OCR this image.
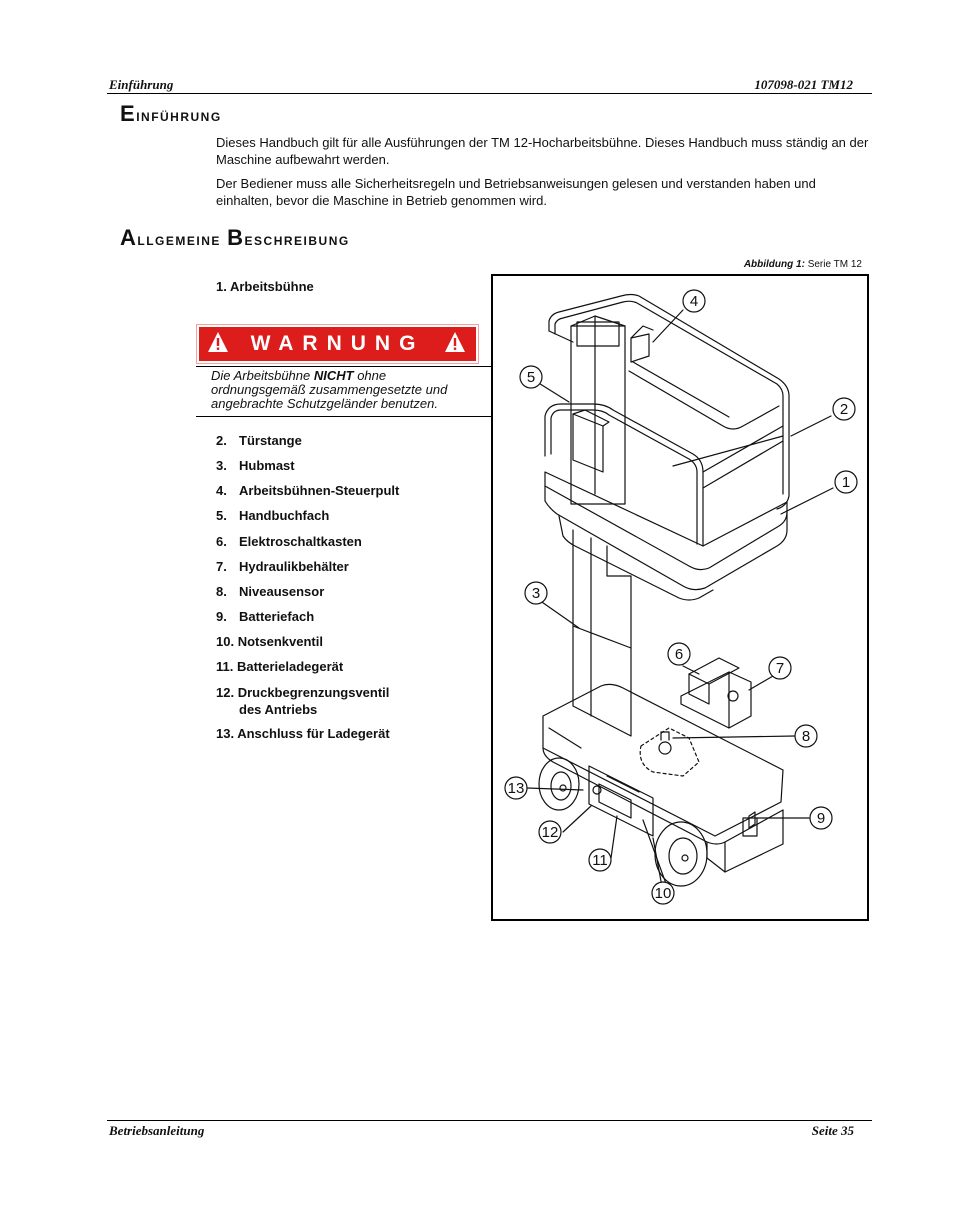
Einführung	107098-021 TM12
Einführung

Dieses Handbuch gilt für alle Ausführungen der TM 12-Hocharbeitsbühne. Dieses Handbuch muss ständig an der Maschine aufbewahrt werden.

Der Bediener muss alle Sicherheitsregeln und Betriebsanweisungen gelesen und verstanden haben und einhalten, bevor die Maschine in Betrieb genommen wird.

Allgemeine Beschreibung
Abbildung 1: Serie TM 12
1. Arbeitsbühne
WARNUNG
Die Arbeitsbühne NICHT ohne ordnungsgemäß zusammengesetzte und angebrachte Schutzgeländer benutzen.
2. Türstange
3. Hubmast
4. Arbeitsbühnen-Steuerpult
5. Handbuchfach
6. Elektroschaltkasten
7. Hydraulikbehälter
8. Niveausensor
9. Batteriefach
10. Notsenkventil
11. Batterieladegerät
12. Druckbegrenzungsventil
des Antriebs
13. Anschluss für Ladegerät
4
5
2
1
3
6
7
8
13
9
12
11
10
Betriebsanleitung	Seite 35
